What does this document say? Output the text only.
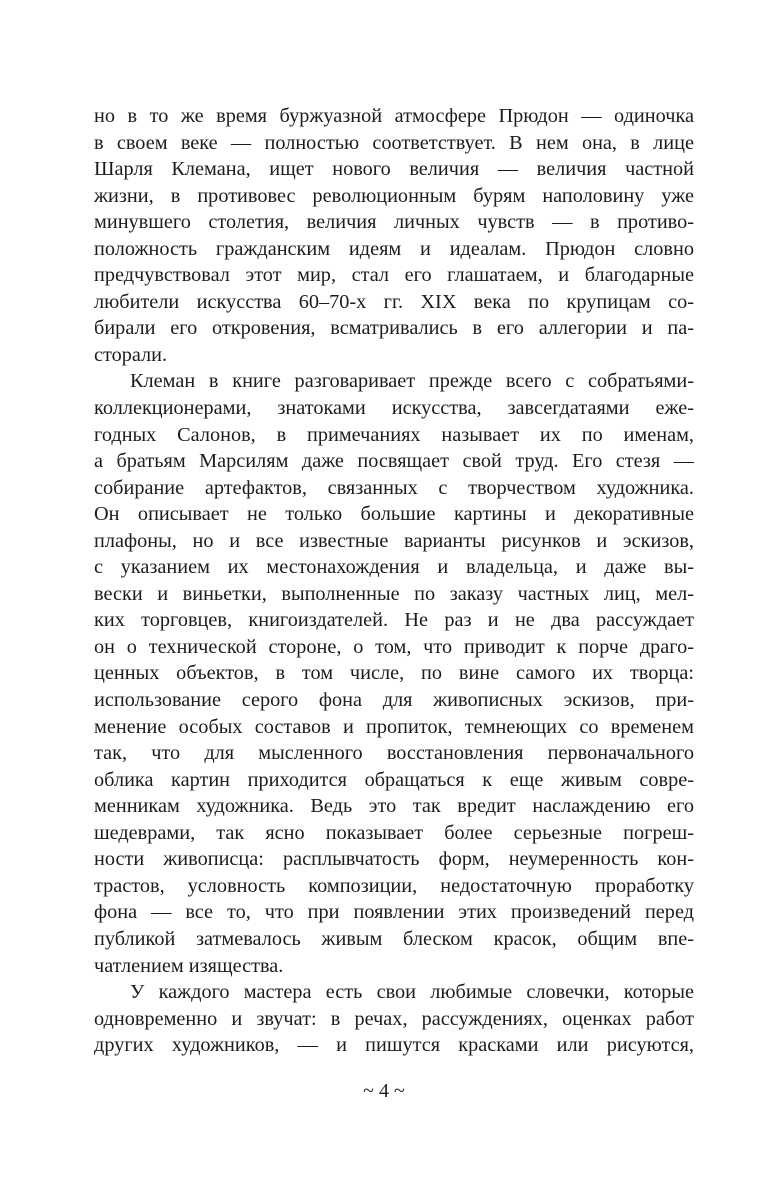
но в то же время буржуазной атмосфере Прюдон — одиночка
в своем веке — полностью соответствует. В нем она, в лице
Шарля Клемана, ищет нового величия — величия частной
жизни, в противовес революционным бурям наполовину уже
минувшего столетия, величия личных чувств — в противо-
положность гражданским идеям и идеалам. Прюдон словно
предчувствовал этот мир, стал его глашатаем, и благодарные
любители искусства 60–70-х гг. XIX века по крупицам со-
бирали его откровения, всматривались в его аллегории и па-
сторали.
Клеман в книге разговаривает прежде всего с собратьями-
коллекционерами, знатоками искусства, завсегдатаями еже-
годных Салонов, в примечаниях называет их по именам,
а братьям Марсилям даже посвящает свой труд. Его стезя —
собирание артефактов, связанных с творчеством художника.
Он описывает не только большие картины и декоративные
плафоны, но и все известные варианты рисунков и эскизов,
с указанием их местонахождения и владельца, и даже вы-
вески и виньетки, выполненные по заказу частных лиц, мел-
ких торговцев, книгоиздателей. Не раз и не два рассуждает
он о технической стороне, о том, что приводит к порче драго-
ценных объектов, в том числе, по вине самого их творца:
использование серого фона для живописных эскизов, при-
менение особых составов и пропиток, темнеющих со временем
так, что для мысленного восстановления первоначального
облика картин приходится обращаться к еще живым совре-
менникам художника. Ведь это так вредит наслаждению его
шедеврами, так ясно показывает более серьезные погреш-
ности живописца: расплывчатость форм, неумеренность кон-
трастов, условность композиции, недостаточную проработку
фона — все то, что при появлении этих произведений перед
публикой затмевалось живым блеском красок, общим впе-
чатлением изящества.
У каждого мастера есть свои любимые словечки, которые
одновременно и звучат: в речах, рассуждениях, оценках работ
других художников, — и пишутся красками или рисуются,
~ 4 ~
